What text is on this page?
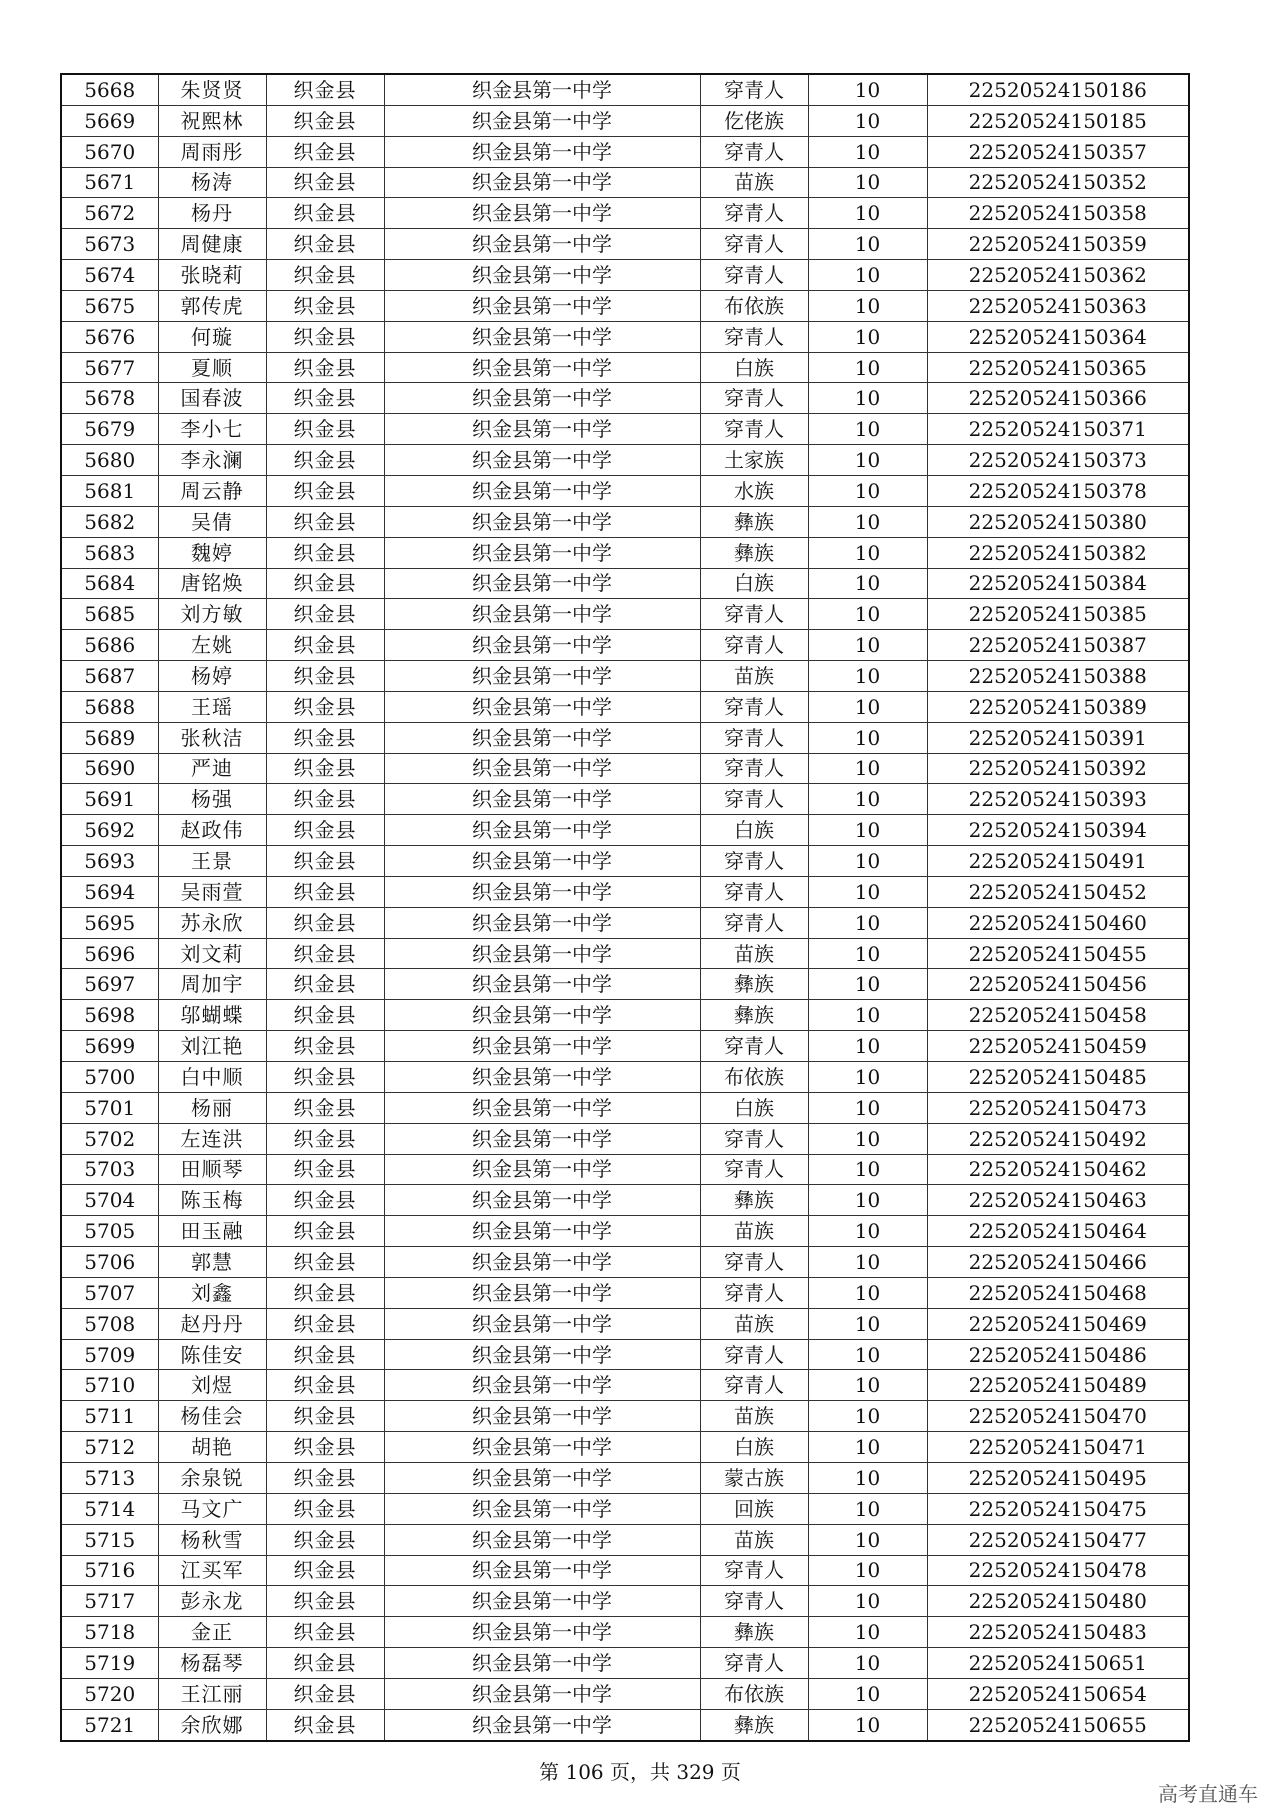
5668	朱贤贤	织金县	织金县第一中学	穿青人	10	22520524150186
5669	祝熙林	织金县	织金县第一中学	仡佬族	10	22520524150185
5670	周雨彤	织金县	织金县第一中学	穿青人	10	22520524150357
5671	杨涛	织金县	织金县第一中学	苗族	10	22520524150352
5672	杨丹	织金县	织金县第一中学	穿青人	10	22520524150358
5673	周健康	织金县	织金县第一中学	穿青人	10	22520524150359
5674	张晓莉	织金县	织金县第一中学	穿青人	10	22520524150362
5675	郭传虎	织金县	织金县第一中学	布依族	10	22520524150363
5676	何璇	织金县	织金县第一中学	穿青人	10	22520524150364
5677	夏顺	织金县	织金县第一中学	白族	10	22520524150365
5678	国春波	织金县	织金县第一中学	穿青人	10	22520524150366
5679	李小七	织金县	织金县第一中学	穿青人	10	22520524150371
5680	李永澜	织金县	织金县第一中学	土家族	10	22520524150373
5681	周云静	织金县	织金县第一中学	水族	10	22520524150378
5682	吴倩	织金县	织金县第一中学	彝族	10	22520524150380
5683	魏婷	织金县	织金县第一中学	彝族	10	22520524150382
5684	唐铭焕	织金县	织金县第一中学	白族	10	22520524150384
5685	刘方敏	织金县	织金县第一中学	穿青人	10	22520524150385
5686	左姚	织金县	织金县第一中学	穿青人	10	22520524150387
5687	杨婷	织金县	织金县第一中学	苗族	10	22520524150388
5688	王瑶	织金县	织金县第一中学	穿青人	10	22520524150389
5689	张秋洁	织金县	织金县第一中学	穿青人	10	22520524150391
5690	严迪	织金县	织金县第一中学	穿青人	10	22520524150392
5691	杨强	织金县	织金县第一中学	穿青人	10	22520524150393
5692	赵政伟	织金县	织金县第一中学	白族	10	22520524150394
5693	王景	织金县	织金县第一中学	穿青人	10	22520524150491
5694	吴雨萱	织金县	织金县第一中学	穿青人	10	22520524150452
5695	苏永欣	织金县	织金县第一中学	穿青人	10	22520524150460
5696	刘文莉	织金县	织金县第一中学	苗族	10	22520524150455
5697	周加宇	织金县	织金县第一中学	彝族	10	22520524150456
5698	邬蝴蝶	织金县	织金县第一中学	彝族	10	22520524150458
5699	刘江艳	织金县	织金县第一中学	穿青人	10	22520524150459
5700	白中顺	织金县	织金县第一中学	布依族	10	22520524150485
5701	杨丽	织金县	织金县第一中学	白族	10	22520524150473
5702	左连洪	织金县	织金县第一中学	穿青人	10	22520524150492
5703	田顺琴	织金县	织金县第一中学	穿青人	10	22520524150462
5704	陈玉梅	织金县	织金县第一中学	彝族	10	22520524150463
5705	田玉融	织金县	织金县第一中学	苗族	10	22520524150464
5706	郭慧	织金县	织金县第一中学	穿青人	10	22520524150466
5707	刘鑫	织金县	织金县第一中学	穿青人	10	22520524150468
5708	赵丹丹	织金县	织金县第一中学	苗族	10	22520524150469
5709	陈佳安	织金县	织金县第一中学	穿青人	10	22520524150486
5710	刘煜	织金县	织金县第一中学	穿青人	10	22520524150489
5711	杨佳会	织金县	织金县第一中学	苗族	10	22520524150470
5712	胡艳	织金县	织金县第一中学	白族	10	22520524150471
5713	余泉锐	织金县	织金县第一中学	蒙古族	10	22520524150495
5714	马文广	织金县	织金县第一中学	回族	10	22520524150475
5715	杨秋雪	织金县	织金县第一中学	苗族	10	22520524150477
5716	江买军	织金县	织金县第一中学	穿青人	10	22520524150478
5717	彭永龙	织金县	织金县第一中学	穿青人	10	22520524150480
5718	金正	织金县	织金县第一中学	彝族	10	22520524150483
5719	杨磊琴	织金县	织金县第一中学	穿青人	10	22520524150651
5720	王江丽	织金县	织金县第一中学	布依族	10	22520524150654
5721	余欣娜	织金县	织金县第一中学	彝族	10	22520524150655
第 106 页，共 329 页
高考直通车
